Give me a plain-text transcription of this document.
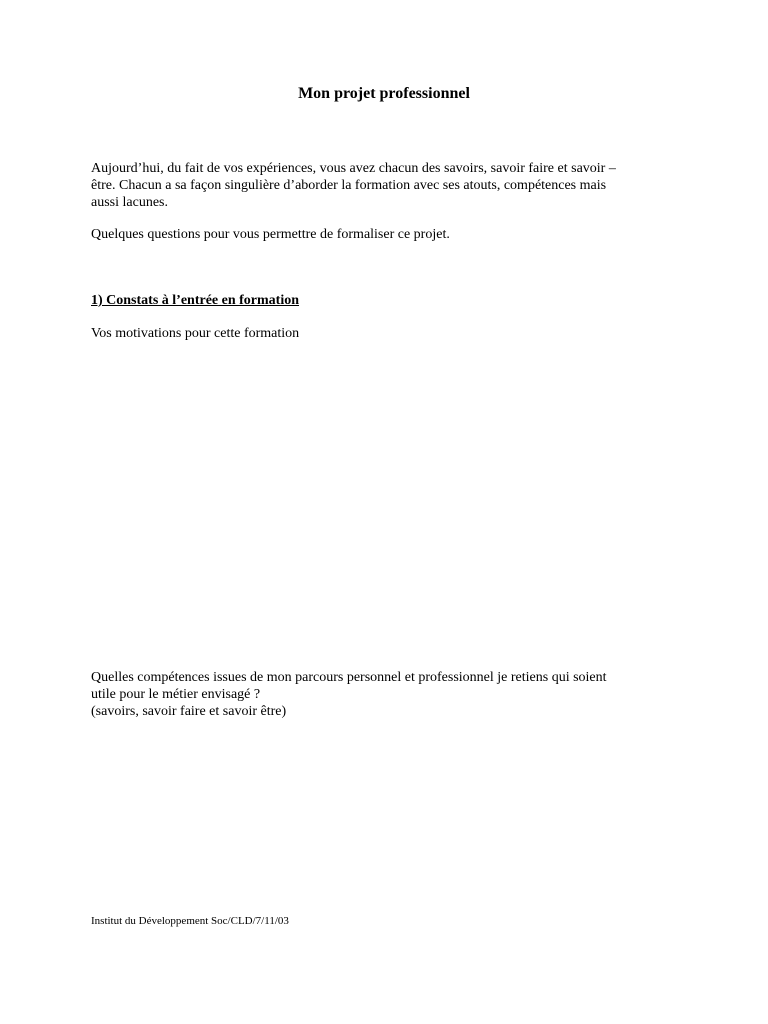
Mon projet professionnel

Aujourd’hui, du fait de vos expériences, vous avez chacun des savoirs, savoir faire et savoir –
être. Chacun a sa façon singulière d’aborder la formation avec ses atouts, compétences mais
aussi lacunes.

Quelques questions pour vous permettre de formaliser ce projet.

1) Constats à l’entrée en formation

Vos motivations pour cette formation

Quelles compétences issues de mon parcours personnel et professionnel je retiens qui soient
utile pour le métier envisagé ?
(savoirs, savoir faire et savoir être)

Institut du Développement Soc/CLD/7/11/03
